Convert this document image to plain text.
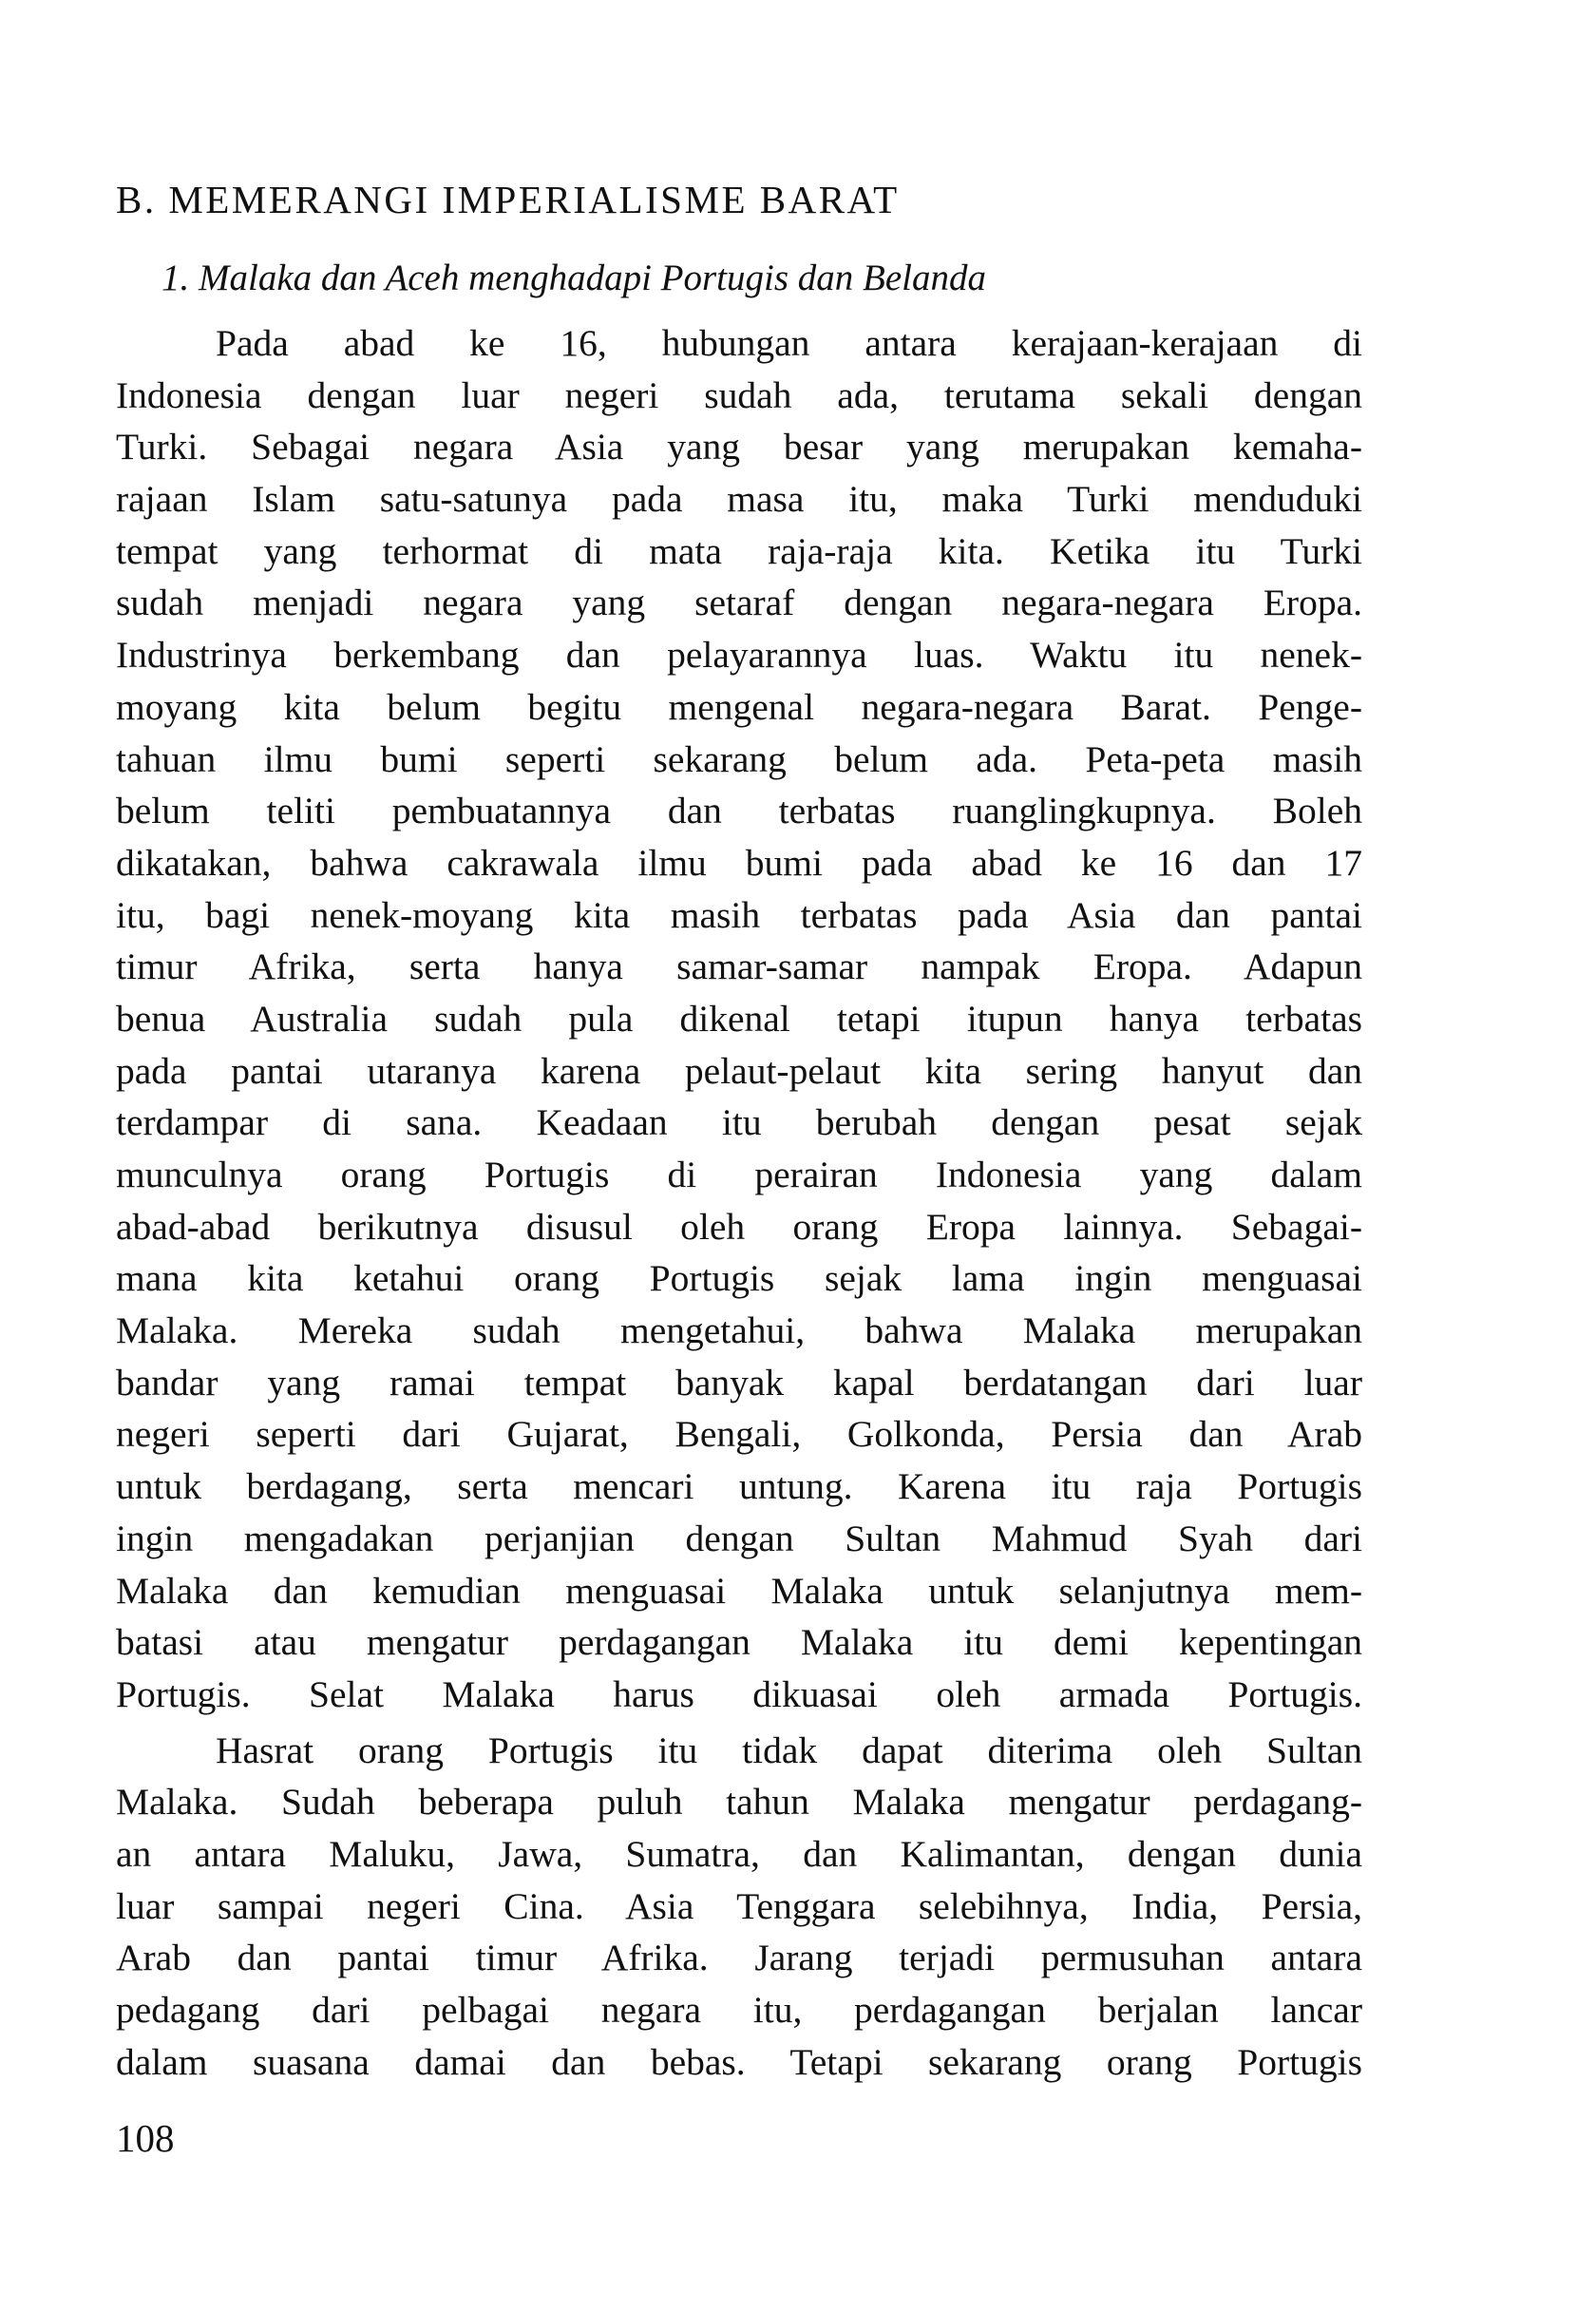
B. MEMERANGI IMPERIALISME BARAT
1. Malaka dan Aceh menghadapi Portugis dan Belanda
Pada abad ke 16, hubungan antara kerajaan-kerajaan di
Indonesia dengan luar negeri sudah ada, terutama sekali dengan
Turki. Sebagai negara Asia yang besar yang merupakan kemaha-
rajaan Islam satu-satunya pada masa itu, maka Turki menduduki
tempat yang terhormat di mata raja-raja kita. Ketika itu Turki
sudah menjadi negara yang setaraf dengan negara-negara Eropa.
Industrinya berkembang dan pelayarannya luas. Waktu itu nenek-
moyang kita belum begitu mengenal negara-negara Barat. Penge-
tahuan ilmu bumi seperti sekarang belum ada. Peta-peta masih
belum teliti pembuatannya dan terbatas ruanglingkupnya. Boleh
dikatakan, bahwa cakrawala ilmu bumi pada abad ke 16 dan 17
itu, bagi nenek-moyang kita masih terbatas pada Asia dan pantai
timur Afrika, serta hanya samar-samar nampak Eropa. Adapun
benua Australia sudah pula dikenal tetapi itupun hanya terbatas
pada pantai utaranya karena pelaut-pelaut kita sering hanyut dan
terdampar di sana. Keadaan itu berubah dengan pesat sejak
munculnya orang Portugis di perairan Indonesia yang dalam
abad-abad berikutnya disusul oleh orang Eropa lainnya. Sebagai-
mana kita ketahui orang Portugis sejak lama ingin menguasai
Malaka. Mereka sudah mengetahui, bahwa Malaka merupakan
bandar yang ramai tempat banyak kapal berdatangan dari luar
negeri seperti dari Gujarat, Bengali, Golkonda, Persia dan Arab
untuk berdagang, serta mencari untung. Karena itu raja Portugis
ingin mengadakan perjanjian dengan Sultan Mahmud Syah dari
Malaka dan kemudian menguasai Malaka untuk selanjutnya mem-
batasi atau mengatur perdagangan Malaka itu demi kepentingan
Portugis. Selat Malaka harus dikuasai oleh armada Portugis.
Hasrat orang Portugis itu tidak dapat diterima oleh Sultan
Malaka. Sudah beberapa puluh tahun Malaka mengatur perdagang-
an antara Maluku, Jawa, Sumatra, dan Kalimantan, dengan dunia
luar sampai negeri Cina. Asia Tenggara selebihnya, India, Persia,
Arab dan pantai timur Afrika. Jarang terjadi permusuhan antara
pedagang dari pelbagai negara itu, perdagangan berjalan lancar
dalam suasana damai dan bebas. Tetapi sekarang orang Portugis
108
